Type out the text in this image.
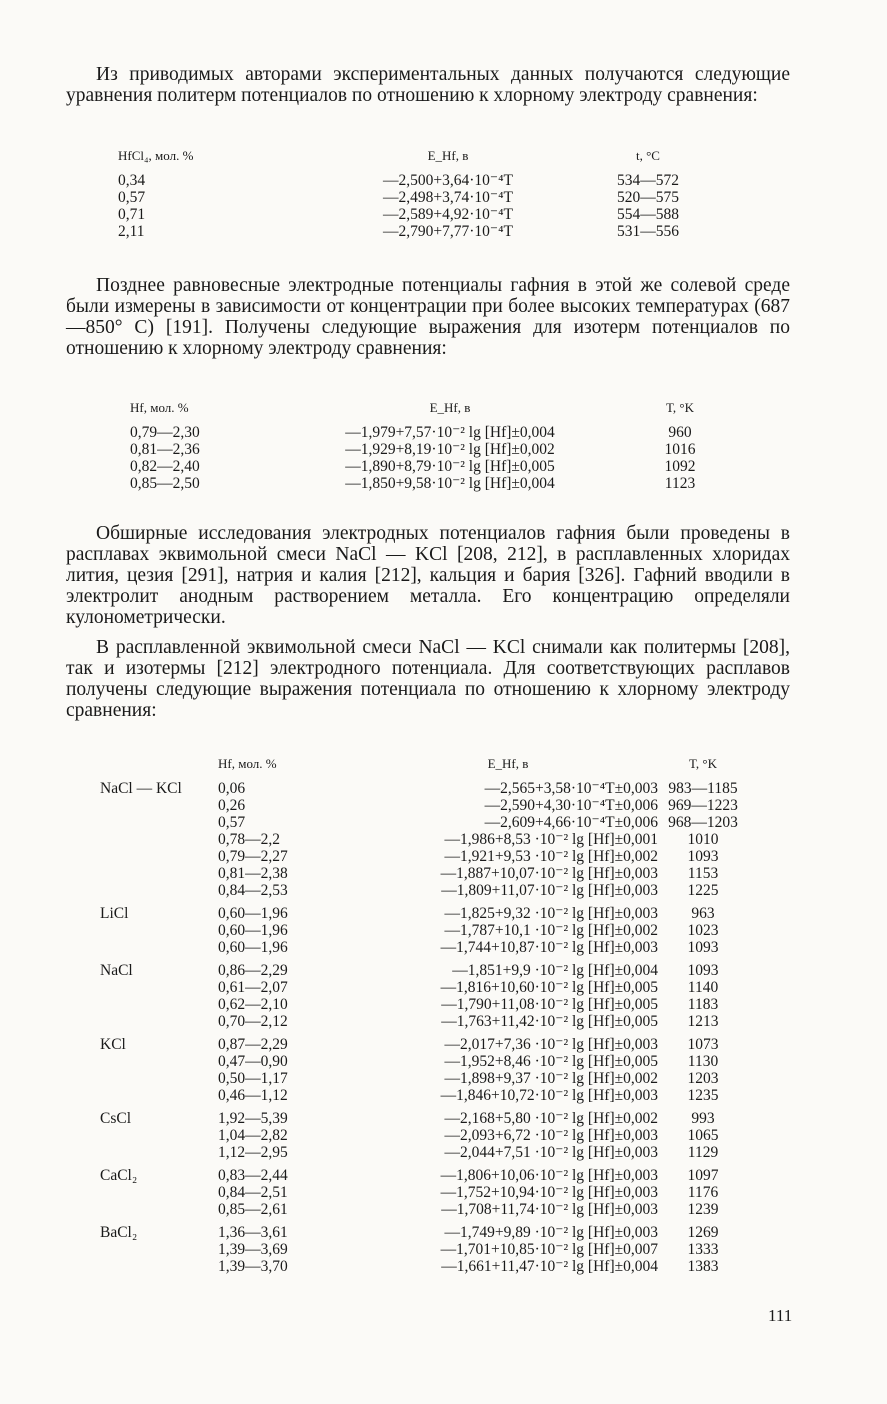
Из приводимых авторами экспериментальных данных получаются следующие уравнения политерм потенциалов по отношению к хлорному электроду сравнения:

HfCl₄, мол. %	E_Hf, в	t, °C
0,34	—2,500+3,64·10⁻⁴T	534—572
0,57	—2,498+3,74·10⁻⁴T	520—575
0,71	—2,589+4,92·10⁻⁴T	554—588
2,11	—2,790+7,77·10⁻⁴T	531—556

Позднее равновесные электродные потенциалы гафния в этой же солевой среде были измерены в зависимости от концентрации при более высоких температурах (687—850° С) [191]. Получены следующие выражения для изотерм потенциалов по отношению к хлорному электроду сравнения:

Hf, мол. %	E_Hf, в	T, °K
0,79—2,30	—1,979+7,57·10⁻² lg [Hf]±0,004	960
0,81—2,36	—1,929+8,19·10⁻² lg [Hf]±0,002	1016
0,82—2,40	—1,890+8,79·10⁻² lg [Hf]±0,005	1092
0,85—2,50	—1,850+9,58·10⁻² lg [Hf]±0,004	1123

Обширные исследования электродных потенциалов гафния были проведены в расплавах эквимольной смеси NaCl — KCl [208, 212], в расплавленных хлоридах лития, цезия [291], натрия и калия [212], кальция и бария [326]. Гафний вводили в электролит анодным растворением металла. Его концентрацию определяли кулонометрически.

В расплавленной эквимольной смеси NaCl — KCl снимали как политермы [208], так и изотермы [212] электродного потенциала. Для соответствующих расплавов получены следующие выражения потенциала по отношению к хлорному электроду сравнения:

	Hf, мол. %	E_Hf, в	T, °K
NaCl — KCl	0,06	—2,565+3,58·10⁻⁴T±0,003	983—1185
	0,26	—2,590+4,30·10⁻⁴T±0,006	969—1223
	0,57	—2,609+4,66·10⁻⁴T±0,006	968—1203
	0,78—2,2	—1,986+8,53 ·10⁻² lg [Hf]±0,001	1010
	0,79—2,27	—1,921+9,53 ·10⁻² lg [Hf]±0,002	1093
	0,81—2,38	—1,887+10,07·10⁻² lg [Hf]±0,003	1153
	0,84—2,53	—1,809+11,07·10⁻² lg [Hf]±0,003	1225

LiCl	0,60—1,96	—1,825+9,32 ·10⁻² lg [Hf]±0,003	963
	0,60—1,96	—1,787+10,1 ·10⁻² lg [Hf]±0,002	1023
	0,60—1,96	—1,744+10,87·10⁻² lg [Hf]±0,003	1093

NaCl	0,86—2,29	—1,851+9,9 ·10⁻² lg [Hf]±0,004	1093
	0,61—2,07	—1,816+10,60·10⁻² lg [Hf]±0,005	1140
	0,62—2,10	—1,790+11,08·10⁻² lg [Hf]±0,005	1183
	0,70—2,12	—1,763+11,42·10⁻² lg [Hf]±0,005	1213

KCl	0,87—2,29	—2,017+7,36 ·10⁻² lg [Hf]±0,003	1073
	0,47—0,90	—1,952+8,46 ·10⁻² lg [Hf]±0,005	1130
	0,50—1,17	—1,898+9,37 ·10⁻² lg [Hf]±0,002	1203
	0,46—1,12	—1,846+10,72·10⁻² lg [Hf]±0,003	1235

CsCl	1,92—5,39	—2,168+5,80 ·10⁻² lg [Hf]±0,002	993
	1,04—2,82	—2,093+6,72 ·10⁻² lg [Hf]±0,003	1065
	1,12—2,95	—2,044+7,51 ·10⁻² lg [Hf]±0,003	1129

CaCl₂	0,83—2,44	—1,806+10,06·10⁻² lg [Hf]±0,003	1097
	0,84—2,51	—1,752+10,94·10⁻² lg [Hf]±0,003	1176
	0,85—2,61	—1,708+11,74·10⁻² lg [Hf]±0,003	1239

BaCl₂	1,36—3,61	—1,749+9,89 ·10⁻² lg [Hf]±0,003	1269
	1,39—3,69	—1,701+10,85·10⁻² lg [Hf]±0,007	1333
	1,39—3,70	—1,661+11,47·10⁻² lg [Hf]±0,004	1383
111
